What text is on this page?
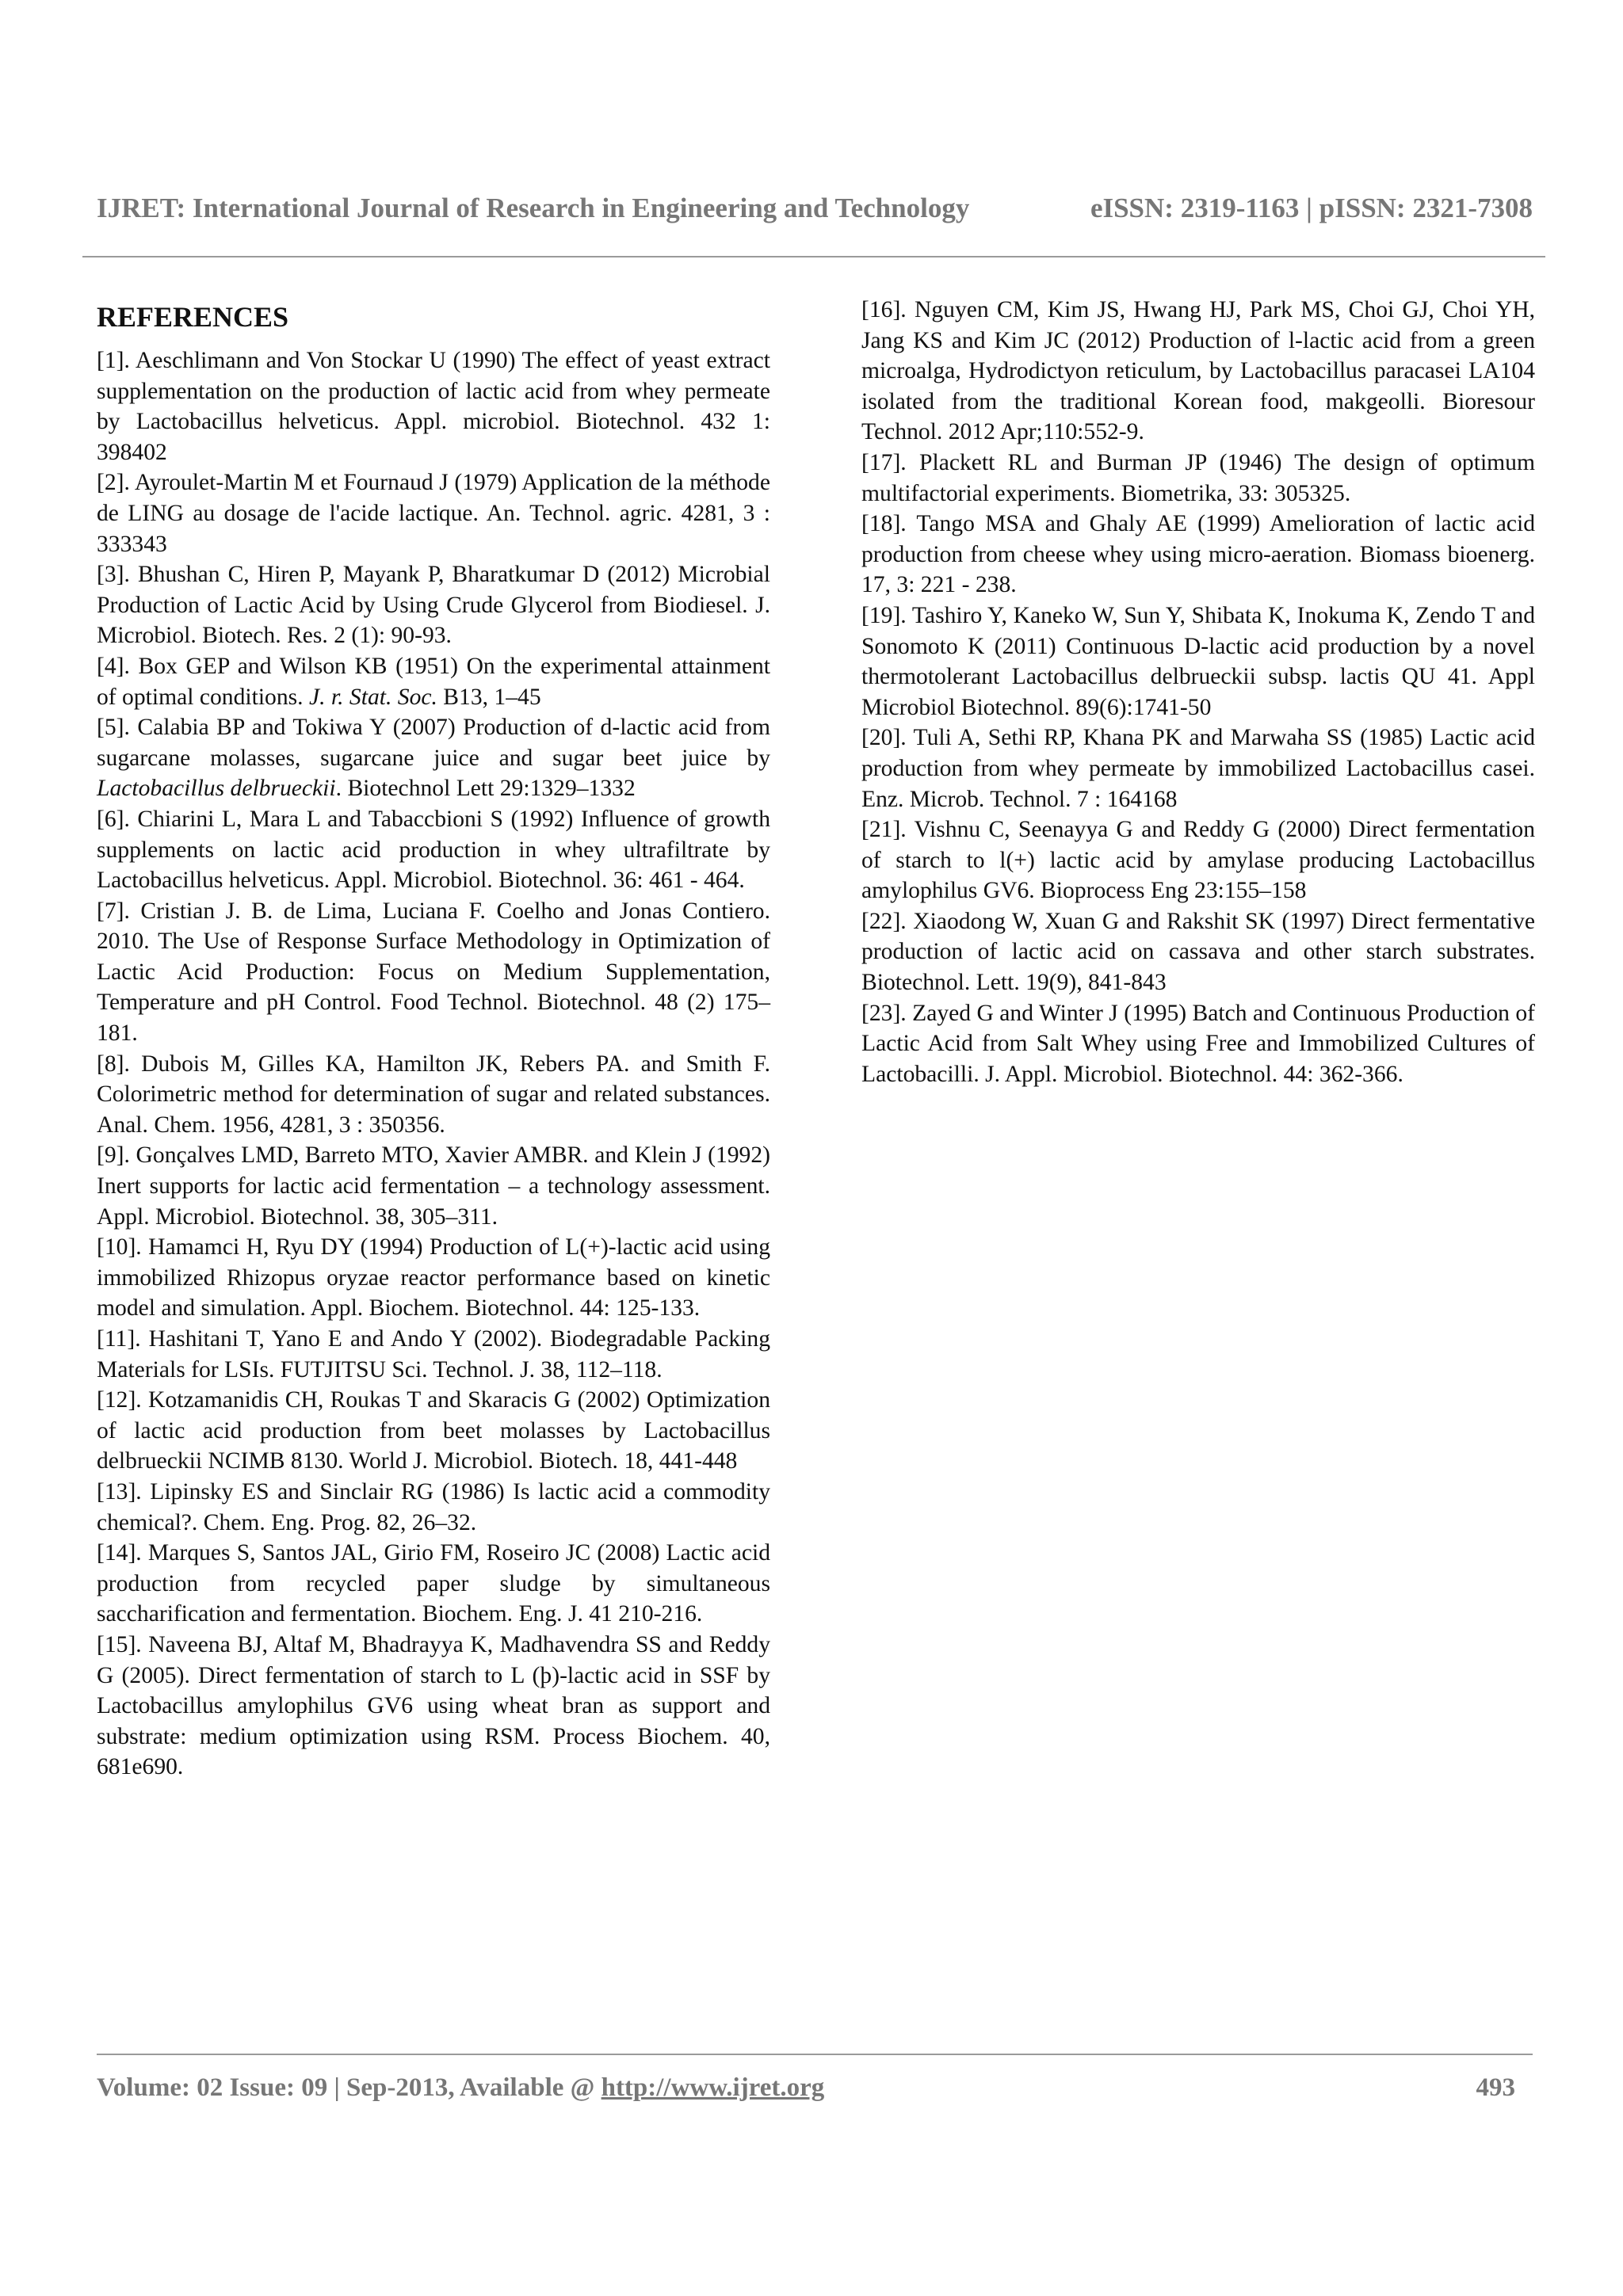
IJRET: International Journal of Research in Engineering and Technology	eISSN: 2319-1163 | pISSN: 2321-7308
REFERENCES

[1]. Aeschlimann and Von Stockar U (1990) The effect of yeast extract supplementation on the production of lactic acid from whey permeate by Lactobacillus helveticus. Appl. microbiol. Biotechnol. 432 1: 398402

[2]. Ayroulet-Martin M et Fournaud J (1979) Application de la méthode de LING au dosage de l'acide lactique. An. Technol. agric. 4281, 3 : 333343

[3]. Bhushan C, Hiren P, Mayank P, Bharatkumar D (2012) Microbial Production of Lactic Acid by Using Crude Glycerol from Biodiesel. J. Microbiol. Biotech. Res. 2 (1): 90-93.

[4]. Box GEP and Wilson KB (1951) On the experimental attainment of optimal conditions. J. r. Stat. Soc. B13, 1–45

[5]. Calabia BP and Tokiwa Y (2007) Production of d-lactic acid from sugarcane molasses, sugarcane juice and sugar beet juice by Lactobacillus delbrueckii. Biotechnol Lett 29:1329–1332

[6]. Chiarini L, Mara L and Tabaccbioni S (1992) Influence of growth supplements on lactic acid production in whey ultrafiltrate by Lactobacillus helveticus. Appl. Microbiol. Biotechnol. 36: 461 - 464.

[7]. Cristian J. B. de Lima, Luciana F. Coelho and Jonas Contiero. 2010. The Use of Response Surface Methodology in Optimization of Lactic Acid Production: Focus on Medium Supplementation, Temperature and pH Control. Food Technol. Biotechnol. 48 (2) 175–181.

[8]. Dubois M, Gilles KA, Hamilton JK, Rebers PA. and Smith F. Colorimetric method for determination of sugar and related substances. Anal. Chem. 1956, 4281, 3 : 350356.

[9]. Gonçalves LMD, Barreto MTO, Xavier AMBR. and Klein J (1992) Inert supports for lactic acid fermentation – a technology assessment. Appl. Microbiol. Biotechnol. 38, 305–311.

[10]. Hamamci H, Ryu DY (1994) Production of L(+)-lactic acid using immobilized Rhizopus oryzae reactor performance based on kinetic model and simulation. Appl. Biochem. Biotechnol. 44: 125-133.

[11]. Hashitani T, Yano E and Ando Y (2002). Biodegradable Packing Materials for LSIs. FUTJITSU Sci. Technol. J. 38, 112–118.

[12]. Kotzamanidis CH, Roukas T and Skaracis G (2002) Optimization of lactic acid production from beet molasses by Lactobacillus delbrueckii NCIMB 8130. World J. Microbiol. Biotech. 18, 441-448

[13]. Lipinsky ES and Sinclair RG (1986) Is lactic acid a commodity chemical?. Chem. Eng. Prog. 82, 26–32.

[14]. Marques S, Santos JAL, Girio FM, Roseiro JC (2008) Lactic acid production from recycled paper sludge by simultaneous saccharification and fermentation. Biochem. Eng. J. 41 210-216.

[15]. Naveena BJ, Altaf M, Bhadrayya K, Madhavendra SS and Reddy G (2005). Direct fermentation of starch to L (þ)-lactic acid in SSF by Lactobacillus amylophilus GV6 using wheat bran as support and substrate: medium optimization using RSM. Process Biochem. 40, 681e690.

[16]. Nguyen CM, Kim JS, Hwang HJ, Park MS, Choi GJ, Choi YH, Jang KS and Kim JC (2012) Production of l-lactic acid from a green microalga, Hydrodictyon reticulum, by Lactobacillus paracasei LA104 isolated from the traditional Korean food, makgeolli. Bioresour Technol. 2012 Apr;110:552-9.

[17]. Plackett RL and Burman JP (1946) The design of optimum multifactorial experiments. Biometrika, 33: 305325.

[18]. Tango MSA and Ghaly AE (1999) Amelioration of lactic acid production from cheese whey using micro-aeration. Biomass bioenerg. 17, 3: 221 - 238.

[19]. Tashiro Y, Kaneko W, Sun Y, Shibata K, Inokuma K, Zendo T and Sonomoto K (2011) Continuous D-lactic acid production by a novel thermotolerant Lactobacillus delbrueckii subsp. lactis QU 41. Appl Microbiol Biotechnol. 89(6):1741-50

[20]. Tuli A, Sethi RP, Khana PK and Marwaha SS (1985) Lactic acid production from whey permeate by immobilized Lactobacillus casei. Enz. Microb. Technol. 7 : 164168

[21]. Vishnu C, Seenayya G and Reddy G (2000) Direct fermentation of starch to l(+) lactic acid by amylase producing Lactobacillus amylophilus GV6. Bioprocess Eng 23:155–158

[22]. Xiaodong W, Xuan G and Rakshit SK (1997) Direct fermentative production of lactic acid on cassava and other starch substrates. Biotechnol. Lett. 19(9), 841-843

[23]. Zayed G and Winter J (1995) Batch and Continuous Production of Lactic Acid from Salt Whey using Free and Immobilized Cultures of Lactobacilli. J. Appl. Microbiol. Biotechnol. 44: 362-366.

Volume: 02 Issue: 09 | Sep-2013, Available @ http://www.ijret.org	493
